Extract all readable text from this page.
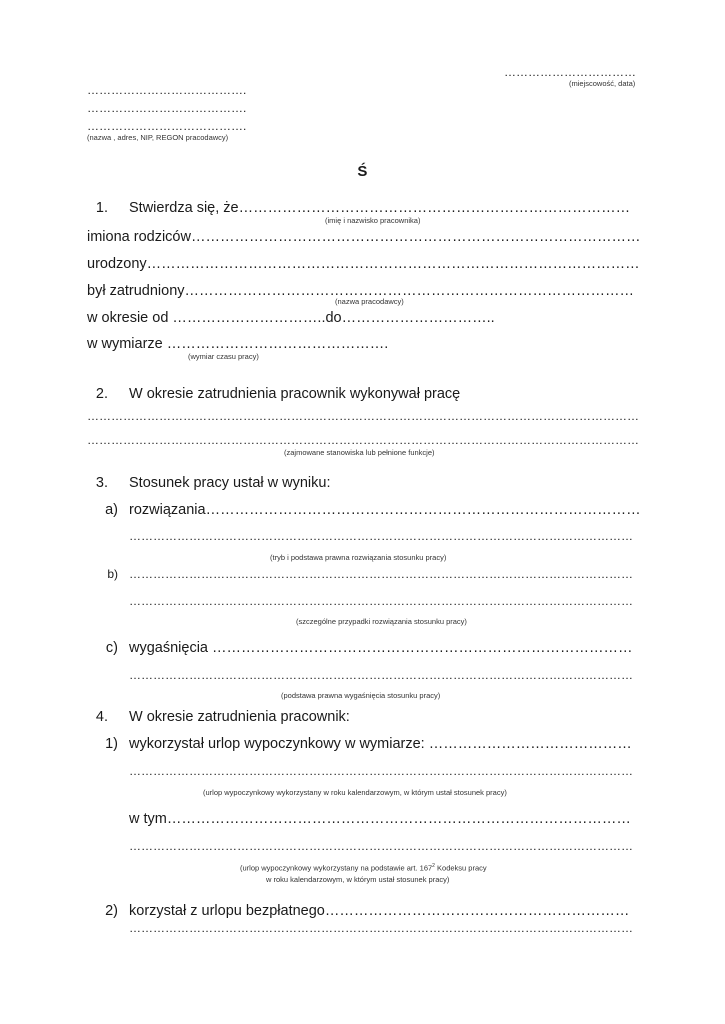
……………………………
(miejscowość, data)
………………………………….
………………………………….
………………………………….
(nazwa , adres, NIP, REGON pracodawcy)
Ś
1. Stwierdza się, że………………………………………………………………………
(imię i nazwisko pracownika)
imiona rodziców…………………………………………………………………………………
urodzony…………………………………………………………………………………………
był zatrudniony…………………………………………………………………………………
(nazwa pracodawcy)
w okresie od …………………………..do…………………………..
w wymiarze ……………………………………….
(wymiar czasu pracy)
2. W okresie zatrudnienia pracownik wykonywał pracę
…………………………………………………………………………………………………………………………
…………………………………………………………………………………………………………………………
(zajmowane stanowiska lub pełnione funkcje)
3. Stosunek pracy ustał w wyniku:
a) rozwiązania………………………………………………………………………………
………………………………………………………………………………………………………………
(tryb i podstawa prawna rozwiązania stosunku pracy)
b) ………………………………………………………………………………………………………………
………………………………………………………………………………………………………………
(szczególne przypadki rozwiązania stosunku pracy)
c) wygaśnięcia ……………………………………………………………………………
………………………………………………………………………………………………………………
(podstawa prawna wygaśnięcia stosunku pracy)
4. W okresie zatrudnienia pracownik:
1) wykorzystał urlop wypoczynkowy w wymiarze: ……………………………………
………………………………………………………………………………………………………………
(urlop wypoczynkowy wykorzystany w roku kalendarzowym, w którym ustał stosunek pracy)
w tym……………………………………………………………………………………
………………………………………………………………………………………………………………
(urlop wypoczynkowy wykorzystany na podstawie art. $167^2$ Kodeksu pracy
w roku kalendarzowym, w którym ustał stosunek pracy)
2) korzystał z urlopu bezpłatnego………………………………………………………
………………………………………………………………………………………………………………
